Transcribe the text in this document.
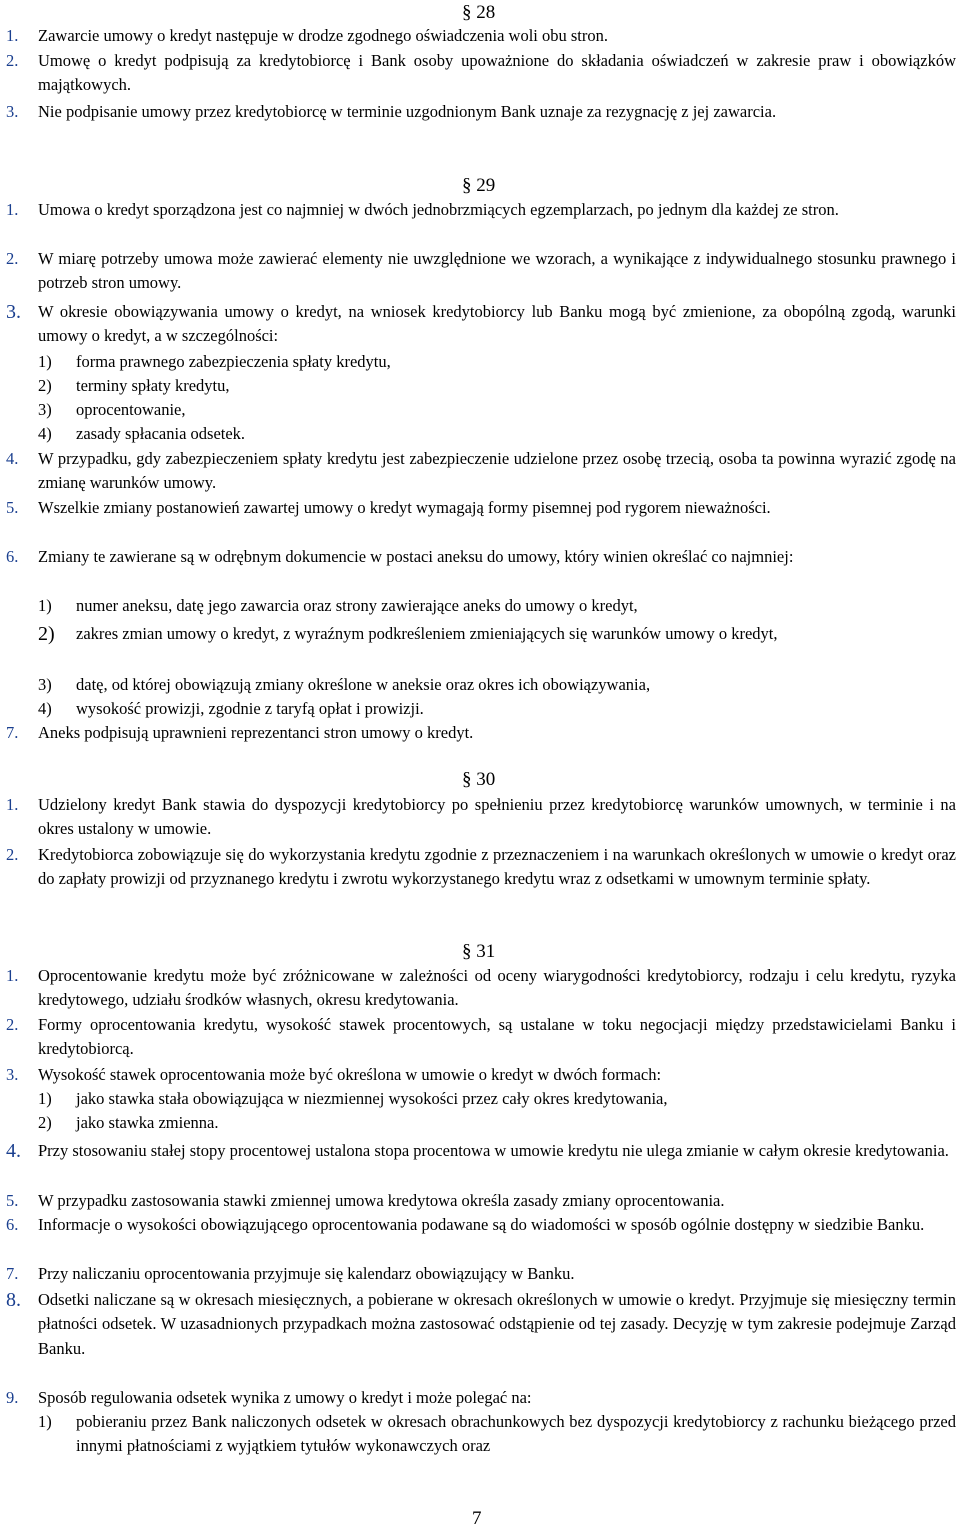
§ 28
1. Zawarcie umowy o kredyt następuje w drodze zgodnego oświadczenia woli obu stron.
2. Umowę o kredyt podpisują za kredytobiorcę i Bank osoby upoważnione do składania oświadczeń w zakresie praw i obowiązków majątkowych.
3. Nie podpisanie umowy przez kredytobiorcę w terminie uzgodnionym Bank uznaje za rezygnację z jej zawarcia.
§ 29
1. Umowa o kredyt sporządzona jest co najmniej w dwóch jednobrzmiących egzemplarzach, po jednym dla każdej ze stron.
2. W miarę potrzeby umowa może zawierać elementy nie uwzględnione we wzorach, a wynikające z indywidualnego stosunku prawnego i potrzeb stron umowy.
3. W okresie obowiązywania umowy o kredyt, na wniosek kredytobiorcy lub Banku mogą być zmienione, za obopólną zgodą, warunki umowy o kredyt, a w szczególności:
1) forma prawnego zabezpieczenia spłaty kredytu,
2) terminy spłaty kredytu,
3) oprocentowanie,
4) zasady spłacania odsetek.
4. W przypadku, gdy zabezpieczeniem spłaty kredytu jest zabezpieczenie udzielone przez osobę trzecią, osoba ta powinna wyrazić zgodę na zmianę warunków umowy.
5. Wszelkie zmiany postanowień zawartej umowy o kredyt wymagają formy pisemnej pod rygorem nieważności.
6. Zmiany te zawierane są w odrębnym dokumencie w postaci aneksu do umowy, który winien określać co najmniej:
1) numer aneksu, datę jego zawarcia oraz strony zawierające aneks do umowy o kredyt,
2) zakres zmian umowy o kredyt, z wyraźnym podkreśleniem zmieniających się warunków umowy o kredyt,
3) datę, od której obowiązują zmiany określone w aneksie oraz okres ich obowiązywania,
4) wysokość prowizji, zgodnie z taryfą opłat i prowizji.
7. Aneks podpisują uprawnieni reprezentanci stron umowy o kredyt.
§ 30
1. Udzielony kredyt Bank stawia do dyspozycji kredytobiorcy po spełnieniu przez kredytobiorcę warunków umownych, w terminie i na okres ustalony w umowie.
2. Kredytobiorca zobowiązuje się do wykorzystania kredytu zgodnie z przeznaczeniem i na warunkach określonych w umowie o kredyt oraz do zapłaty prowizji od przyznanego kredytu i zwrotu wykorzystanego kredytu wraz z odsetkami w umownym terminie spłaty.
§ 31
1. Oprocentowanie kredytu może być zróżnicowane w zależności od oceny wiarygodności kredytobiorcy, rodzaju i celu kredytu, ryzyka kredytowego, udziału środków własnych, okresu kredytowania.
2. Formy oprocentowania kredytu, wysokość stawek procentowych, są ustalane w toku negocjacji między przedstawicielami Banku i kredytobiorcą.
3. Wysokość stawek oprocentowania może być określona w umowie o kredyt w dwóch formach:
1) jako stawka stała obowiązująca w niezmiennej wysokości przez cały okres kredytowania,
2) jako stawka zmienna.
4. Przy stosowaniu stałej stopy procentowej ustalona stopa procentowa w umowie kredytu nie ulega zmianie w całym okresie kredytowania.
5. W przypadku zastosowania stawki zmiennej umowa kredytowa określa zasady zmiany oprocentowania.
6. Informacje o wysokości obowiązującego oprocentowania podawane są do wiadomości w sposób ogólnie dostępny w siedzibie Banku.
7. Przy naliczaniu oprocentowania przyjmuje się kalendarz obowiązujący w Banku.
8. Odsetki naliczane są w okresach miesięcznych, a pobierane w okresach określonych w umowie o kredyt. Przyjmuje się miesięczny termin płatności odsetek. W uzasadnionych przypadkach można zastosować odstąpienie od tej zasady. Decyzję w tym zakresie podejmuje Zarząd Banku.
9. Sposób regulowania odsetek wynika z umowy o kredyt i może polegać na:
1) pobieraniu przez Bank naliczonych odsetek w okresach obrachunkowych bez dyspozycji kredytobiorcy z rachunku bieżącego przed innymi płatnościami z wyjątkiem tytułów wykonawczych oraz
7
